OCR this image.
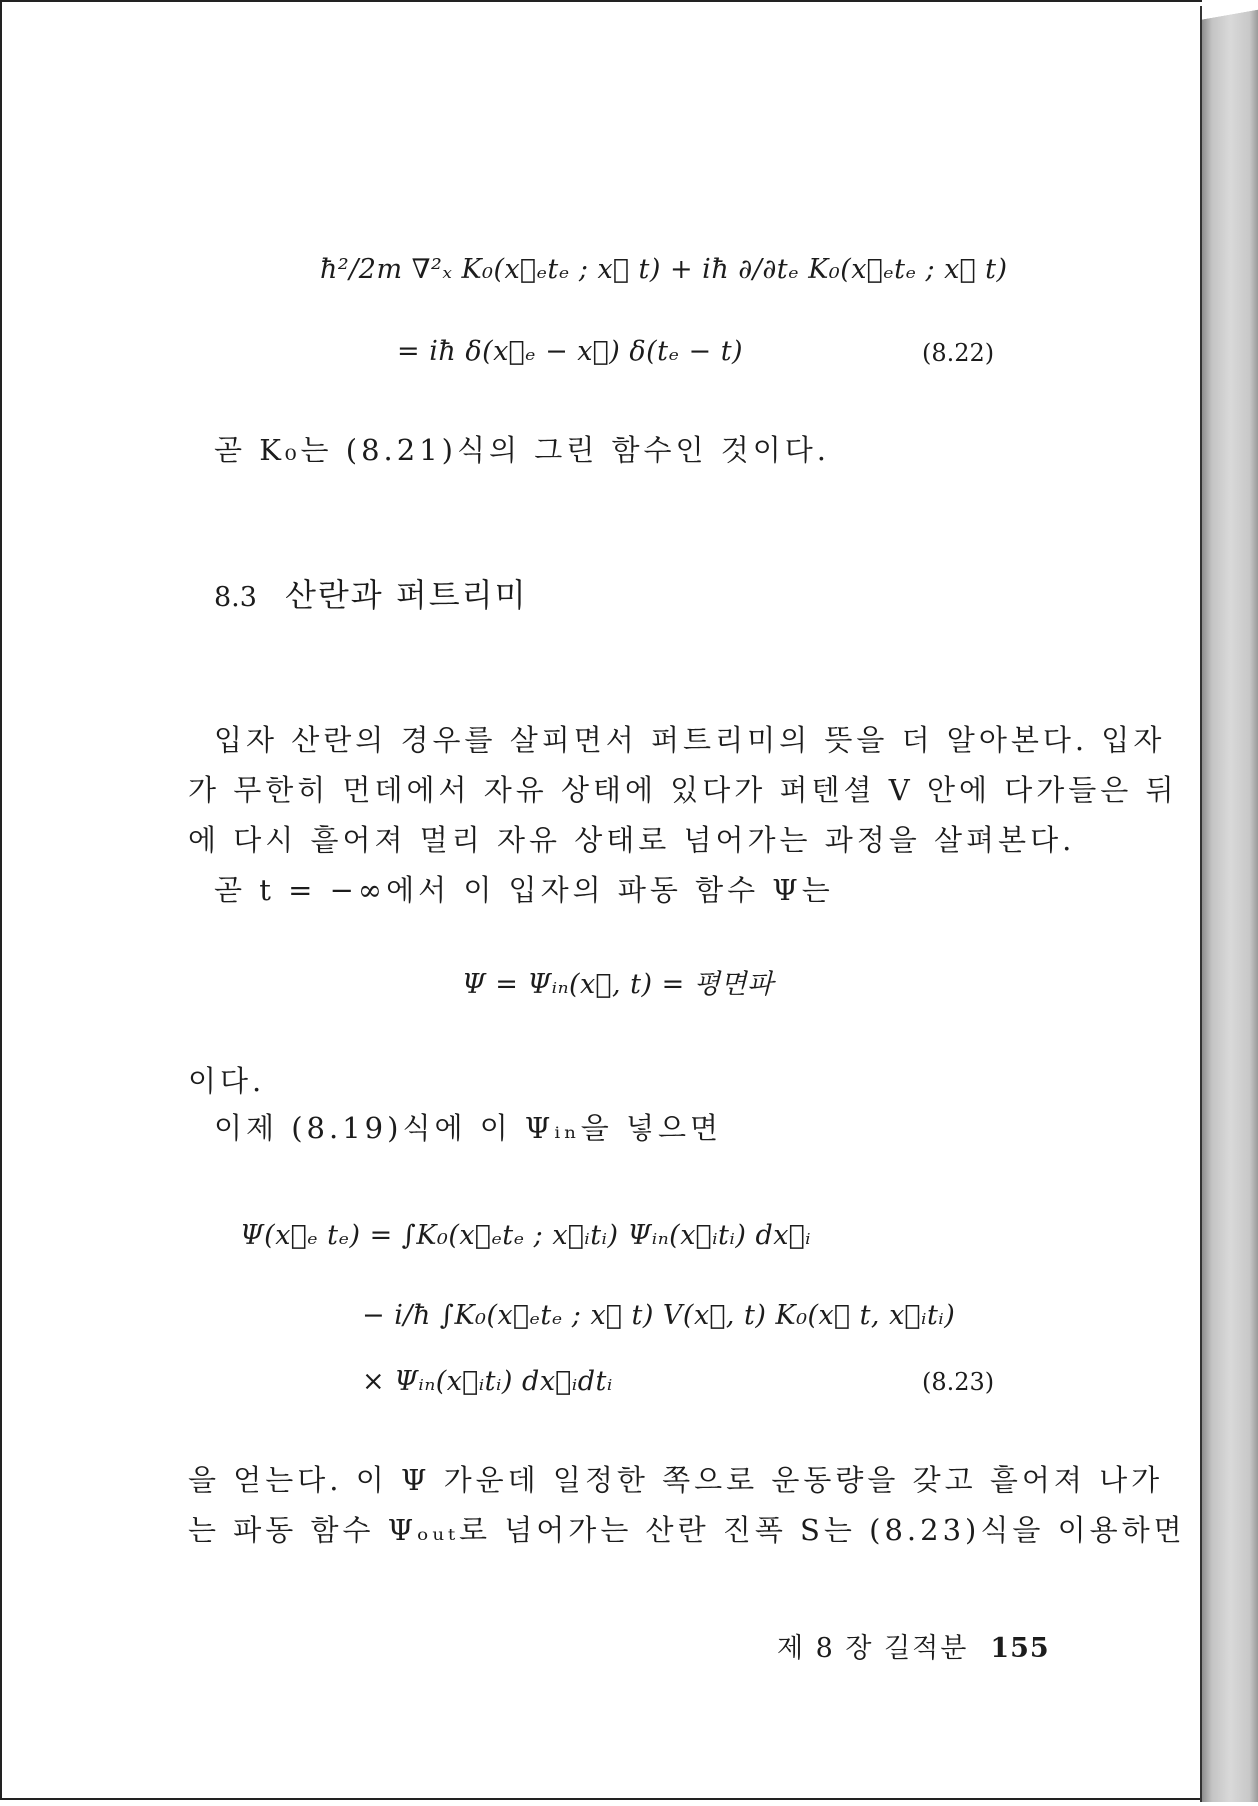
ħ²/2m ∇²ₓ K₀(x⃗ₑtₑ ; x⃗ t) + iħ ∂/∂tₑ K₀(x⃗ₑtₑ ; x⃗ t)
= iħ δ(x⃗ₑ − x⃗) δ(tₑ − t)	(8.22)
곧 K₀는 (8.21)식의 그린 함수인 것이다.
8.3 산란과 퍼트리미
입자 산란의 경우를 살피면서 퍼트리미의 뜻을 더 알아본다. 입자
가 무한히 먼데에서 자유 상태에 있다가 퍼텐셜 V 안에 다가들은 뒤
에 다시 흩어져 멀리 자유 상태로 넘어가는 과정을 살펴본다.
곧 t = −∞에서 이 입자의 파동 함수 Ψ는
Ψ = Ψᵢₙ(x⃗, t) = 평면파
이다.
이제 (8.19)식에 이 Ψᵢₙ을 넣으면
Ψ(x⃗ₑ tₑ) = ∫K₀(x⃗ₑtₑ ; x⃗ᵢtᵢ) Ψᵢₙ(x⃗ᵢtᵢ) dx⃗ᵢ
− i/ħ ∫K₀(x⃗ₑtₑ ; x⃗ t) V(x⃗, t) K₀(x⃗ t, x⃗ᵢtᵢ)
× Ψᵢₙ(x⃗ᵢtᵢ) dx⃗ᵢdtᵢ	(8.23)
을 얻는다. 이 Ψ 가운데 일정한 쪽으로 운동량을 갖고 흩어져 나가
는 파동 함수 Ψₒᵤₜ로 넘어가는 산란 진폭 S는 (8.23)식을 이용하면
제 8 장 길적분 155
